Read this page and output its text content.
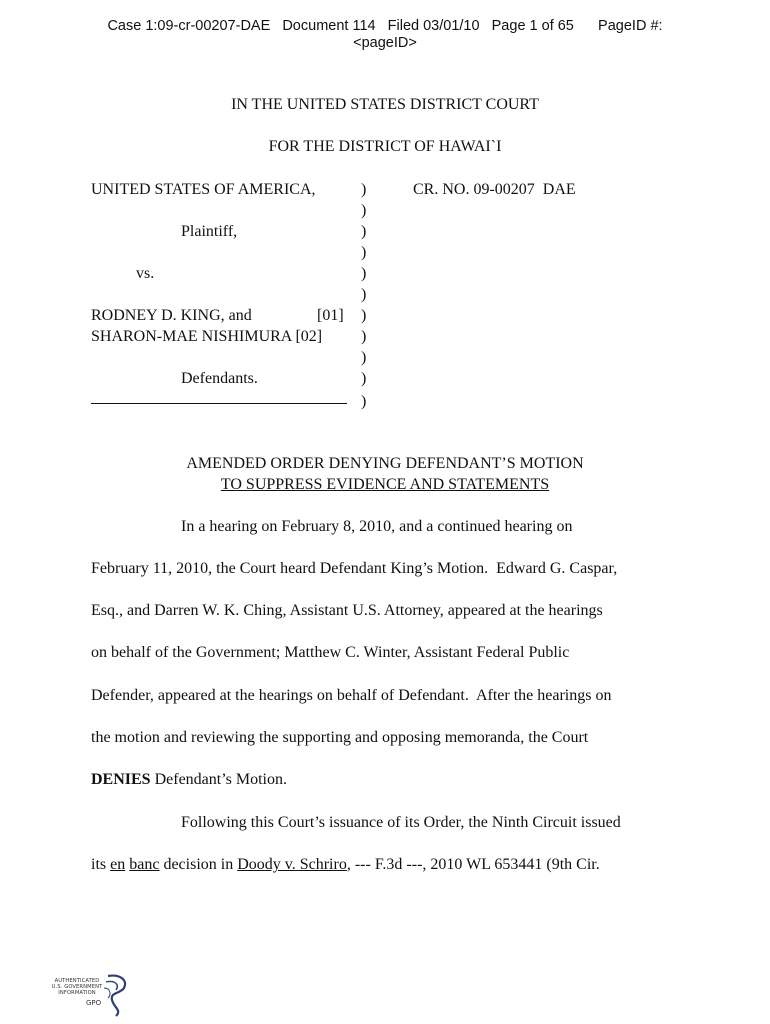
Case 1:09-cr-00207-DAE   Document 114   Filed 03/01/10   Page 1 of 65      PageID #:
<pageID>
IN THE UNITED STATES DISTRICT COURT
FOR THE DISTRICT OF HAWAI`I
UNITED STATES OF AMERICA,
Plaintiff,
vs.
RODNEY D. KING, and	[01]
SHARON-MAE NISHIMURA [02]
Defendants.
CR. NO. 09-00207  DAE
)
)
)
)
)
)
)
)
)
)
)
AMENDED ORDER DENYING DEFENDANT’S MOTION
TO SUPPRESS EVIDENCE AND STATEMENTS
In a hearing on February 8, 2010, and a continued hearing on
February 11, 2010, the Court heard Defendant King’s Motion.  Edward G. Caspar,
Esq., and Darren W. K. Ching, Assistant U.S. Attorney, appeared at the hearings
on behalf of the Government; Matthew C. Winter, Assistant Federal Public
Defender, appeared at the hearings on behalf of Defendant.  After the hearings on
the motion and reviewing the supporting and opposing memoranda, the Court
DENIES Defendant’s Motion.
Following this Court’s issuance of its Order, the Ninth Circuit issued
its en banc decision in Doody v. Schriro, --- F.3d ---, 2010 WL 653441 (9th Cir.
AUTHENTICATED
U.S. GOVERNMENT
INFORMATION
GPO
